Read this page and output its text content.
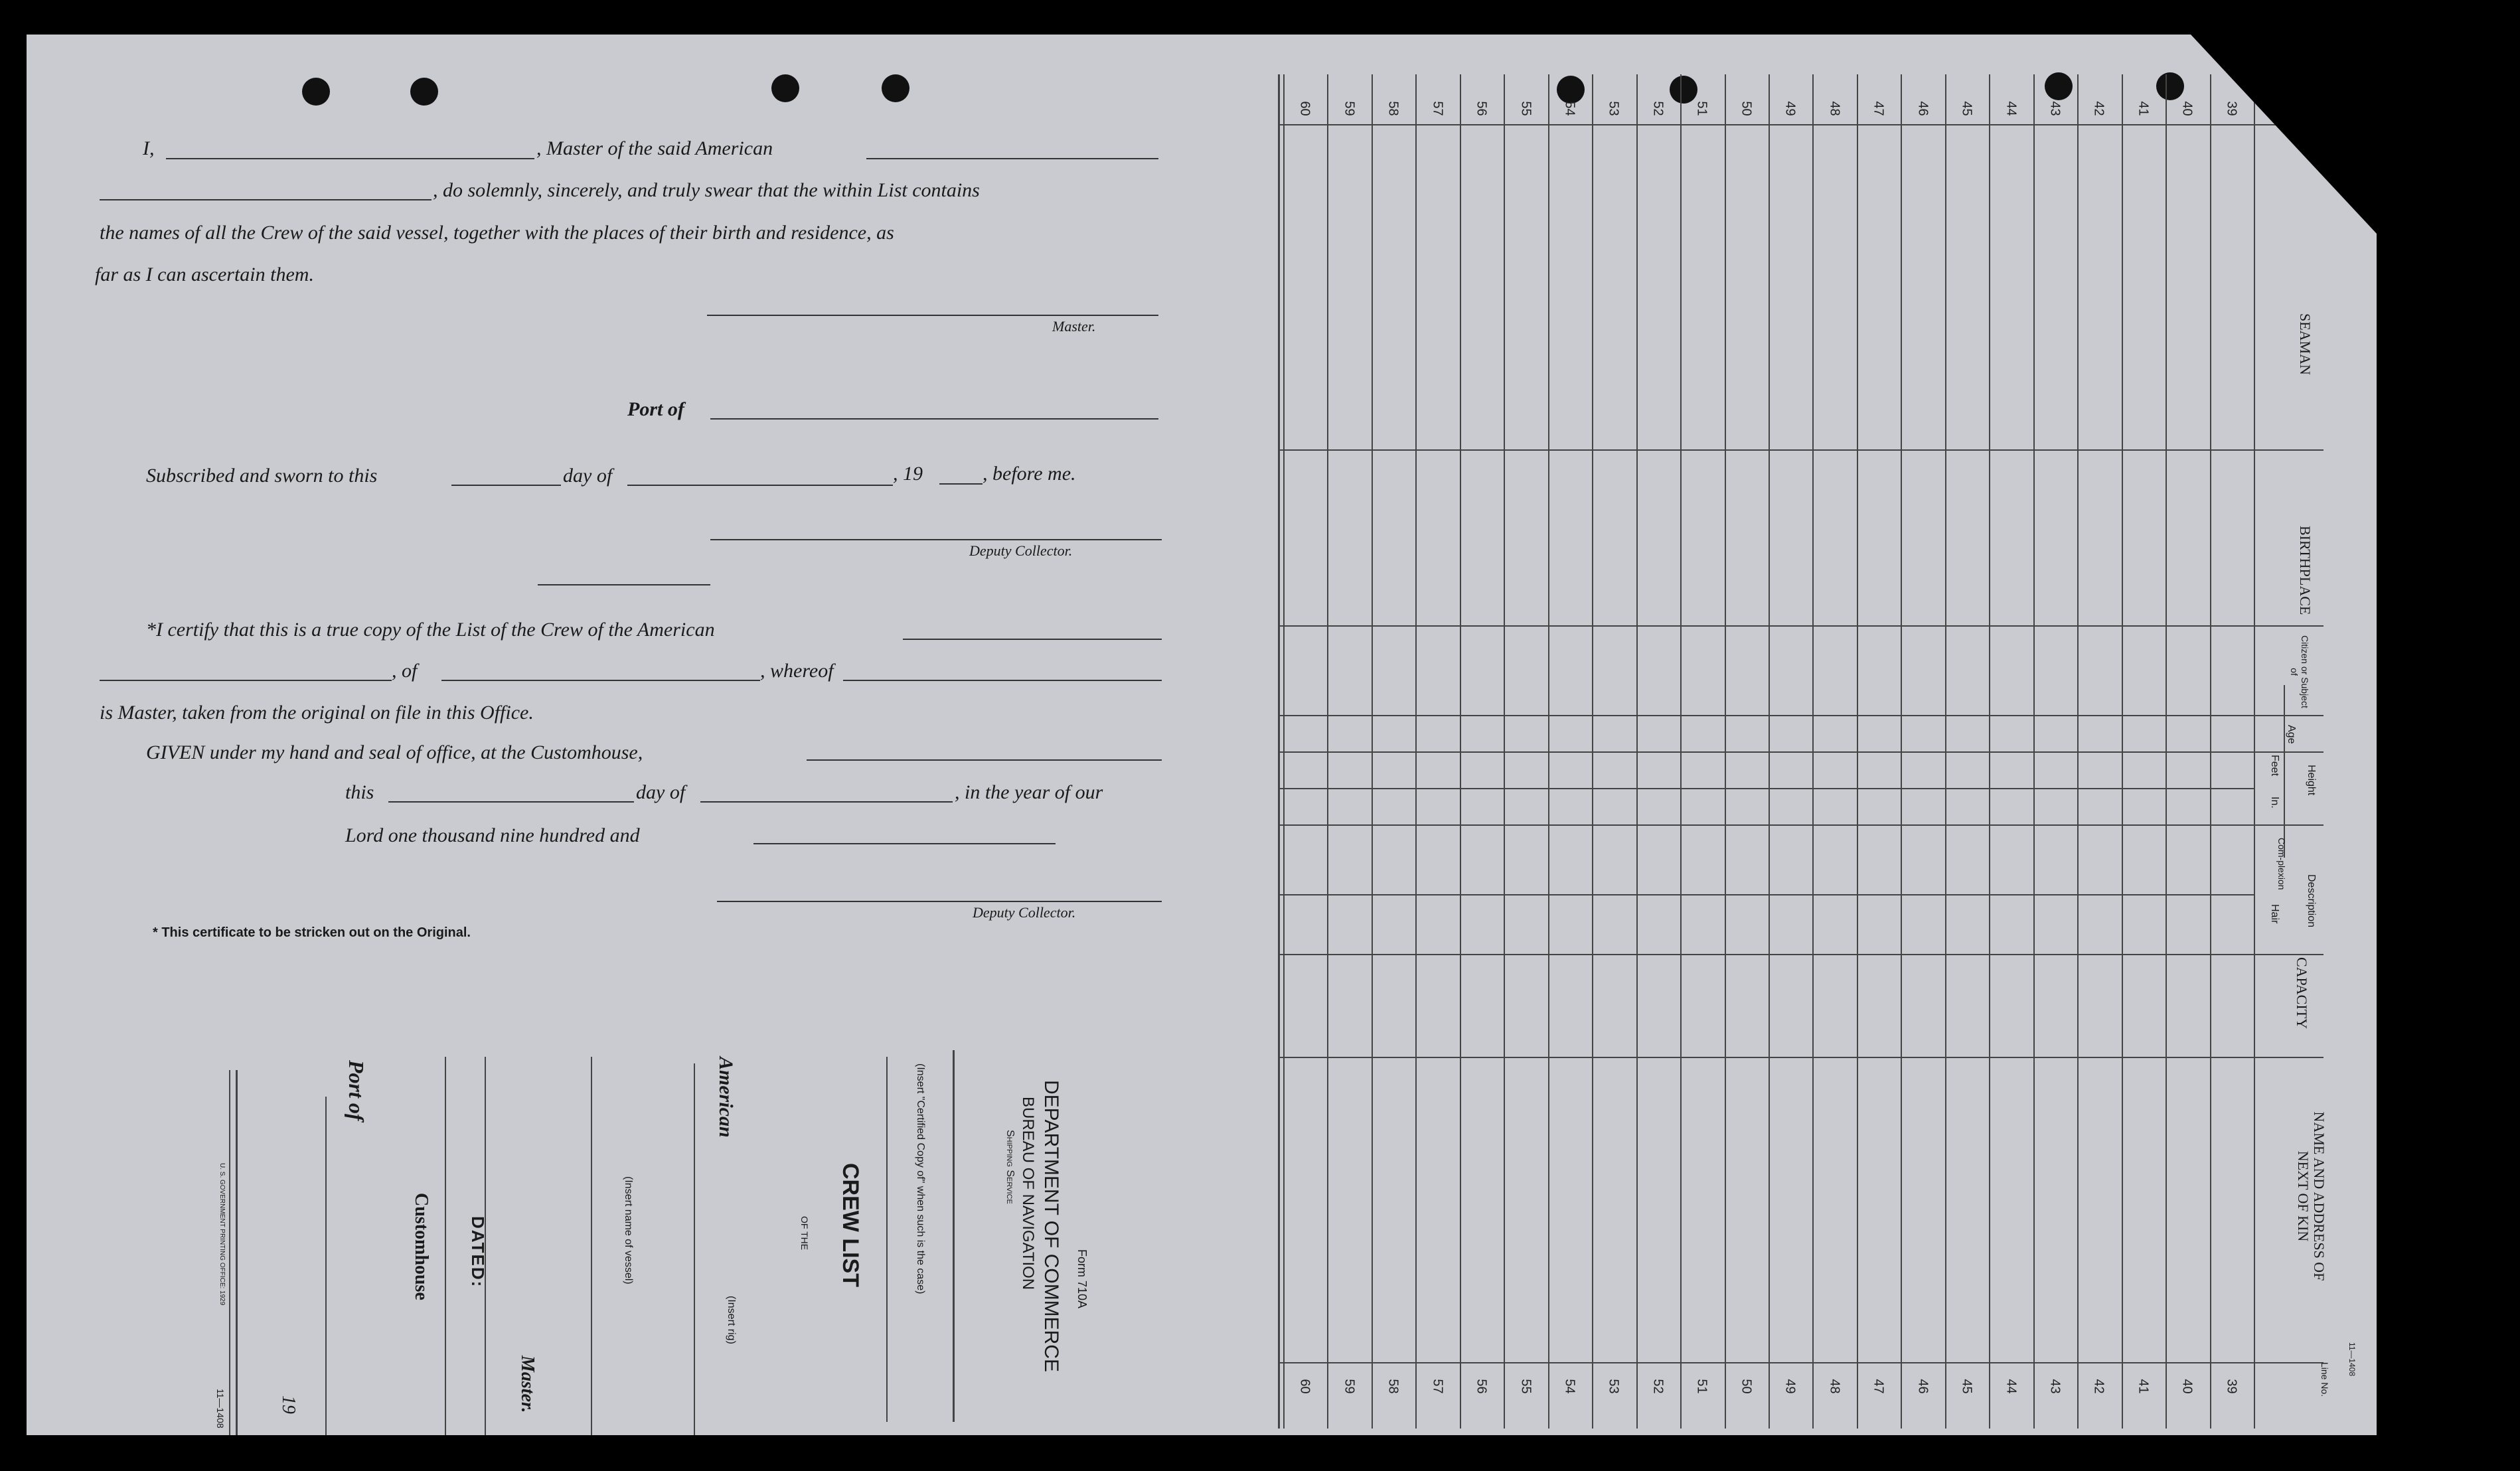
I,	, Master of the said American
, do solemnly, sincerely, and truly swear that the within List contains
the names of all the Crew of the said vessel, together with the places of their birth and residence, as
far as I can ascertain them.
Master.
Port of
Subscribed and sworn to this	day of	, 19	, before me.
Deputy Collector.
*I certify that this is a true copy of the List of the Crew of the American
, of	, whereof
is Master, taken from the original on file in this Office.
GIVEN under my hand and seal of office, at the Customhouse,
this	day of	, in the year of our
Lord one thousand nine hundred and
Deputy Collector.
* This certificate to be stricken out on the Original.
Form 710A
DEPARTMENT OF COMMERCE
BUREAU OF NAVIGATION
Shipping Service
(Insert "Certified Copy of" when such is the case)
CREW LIST
OF THE
(Insert rig)
American
(Insert name of vessel)
Master.
DATED:
Customhouse
Port of
19
U. S. GOVERNMENT PRINTING OFFICE: 1929
11—1408
SEAMAN
BIRTHPLACE
Citizen or Subject of
Age
Height
Feet
In.
Description
Com-plexion
Hair
CAPACITY
NAME AND ADDRESS OF NEXT OF KIN
Line No.
11—1408
60 59 58 57 56 55 54 53 52 51 50 49 48 47 46 45 44 43 42 41 40 39
60 59 58 57 56 55 54 53 52 51 50 49 48 47 46 45 44 43 42 41 40 39
